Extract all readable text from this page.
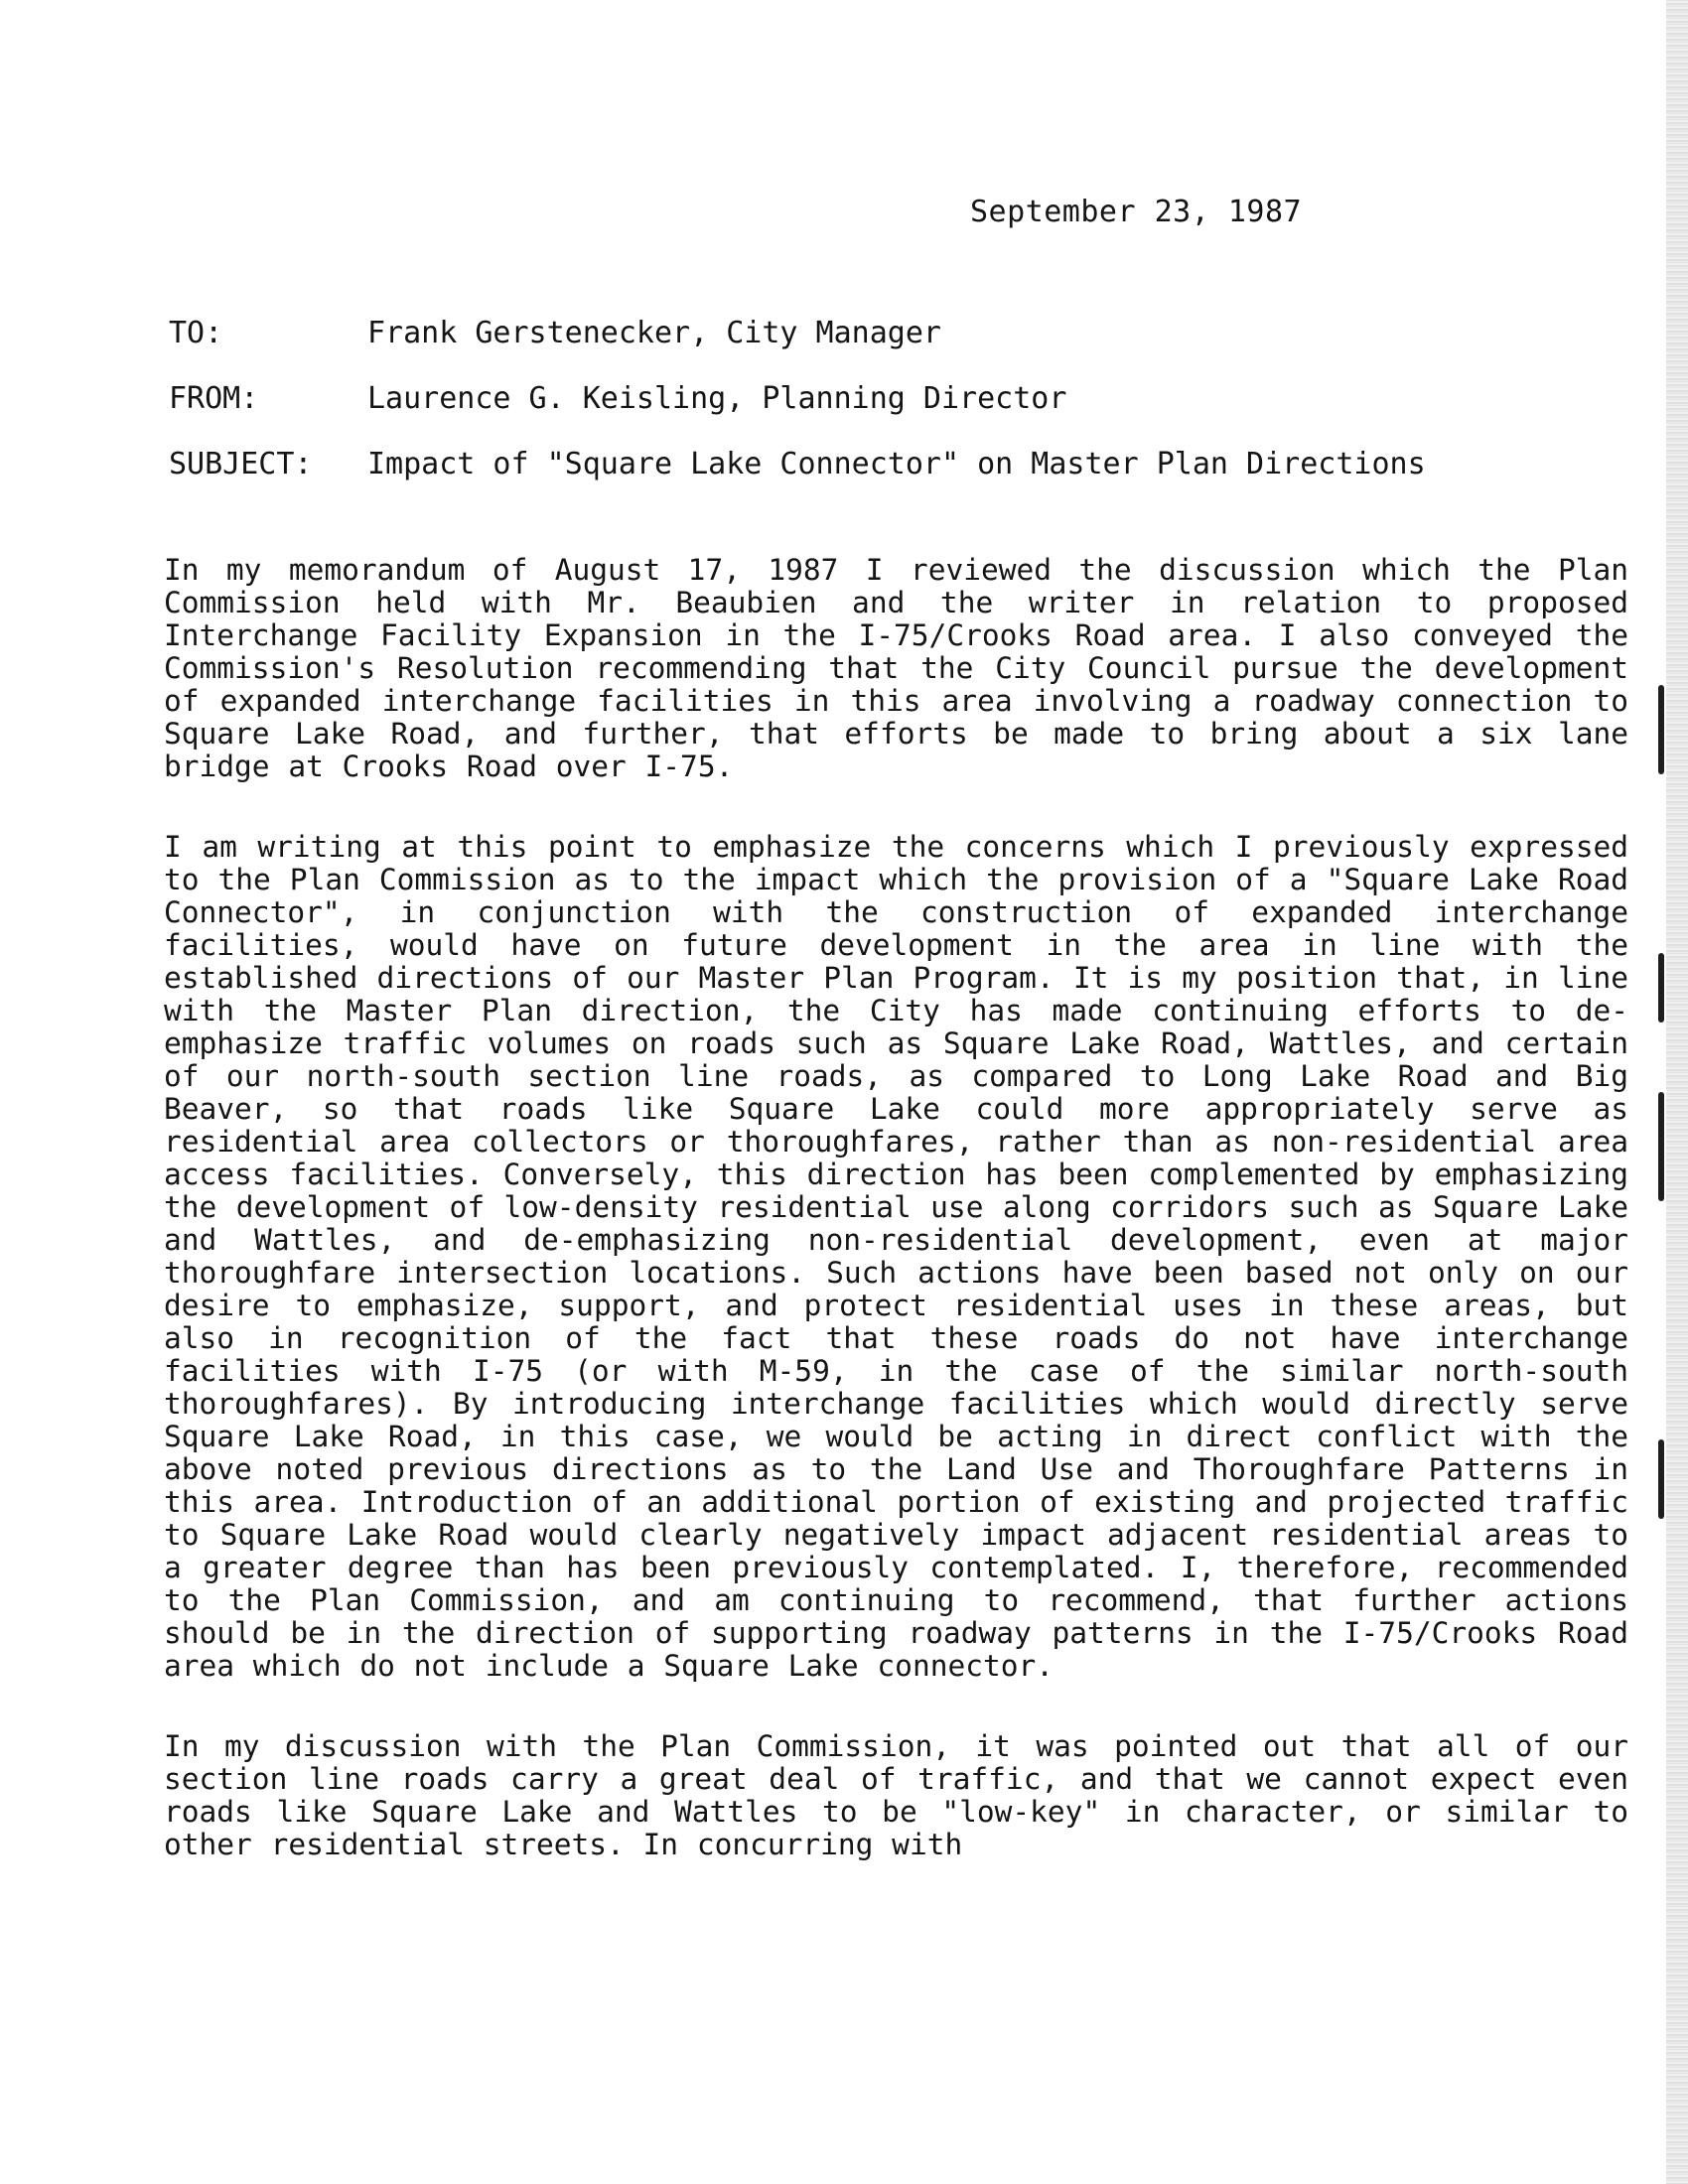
September 23, 1987
TO:	Frank Gerstenecker, City Manager
FROM:	Laurence G. Keisling, Planning Director
SUBJECT:	Impact of "Square Lake Connector" on Master Plan Directions

In my memorandum of August 17, 1987 I reviewed the discussion which the Plan Commission held with Mr. Beaubien and the writer in relation to proposed Interchange Facility Expansion in the I-75/Crooks Road area. I also conveyed the Commission's Resolution recommending that the City Council pursue the development of expanded interchange facilities in this area involving a roadway connection to Square Lake Road, and further, that efforts be made to bring about a six lane bridge at Crooks Road over I-75.

I am writing at this point to emphasize the concerns which I previously expressed to the Plan Commission as to the impact which the provision of a "Square Lake Road Connector", in conjunction with the construction of expanded interchange facilities, would have on future development in the area in line with the established directions of our Master Plan Program. It is my position that, in line with the Master Plan direction, the City has made continuing efforts to de-emphasize traffic volumes on roads such as Square Lake Road, Wattles, and certain of our north-south section line roads, as compared to Long Lake Road and Big Beaver, so that roads like Square Lake could more appropriately serve as residential area collectors or thoroughfares, rather than as non-residential area access facilities. Conversely, this direction has been complemented by emphasizing the development of low-density residential use along corridors such as Square Lake and Wattles, and de-emphasizing non-residential development, even at major thoroughfare intersection locations. Such actions have been based not only on our desire to emphasize, support, and protect residential uses in these areas, but also in recognition of the fact that these roads do not have interchange facilities with I-75 (or with M-59, in the case of the similar north-south thoroughfares). By introducing interchange facilities which would directly serve Square Lake Road, in this case, we would be acting in direct conflict with the above noted previous directions as to the Land Use and Thoroughfare Patterns in this area. Introduction of an additional portion of existing and projected traffic to Square Lake Road would clearly negatively impact adjacent residential areas to a greater degree than has been previously contemplated. I, therefore, recommended to the Plan Commission, and am continuing to recommend, that further actions should be in the direction of supporting roadway patterns in the I-75/Crooks Road area which do not include a Square Lake connector.

In my discussion with the Plan Commission, it was pointed out that all of our section line roads carry a great deal of traffic, and that we cannot expect even roads like Square Lake and Wattles to be "low-key" in character, or similar to other residential streets. In concurring with
